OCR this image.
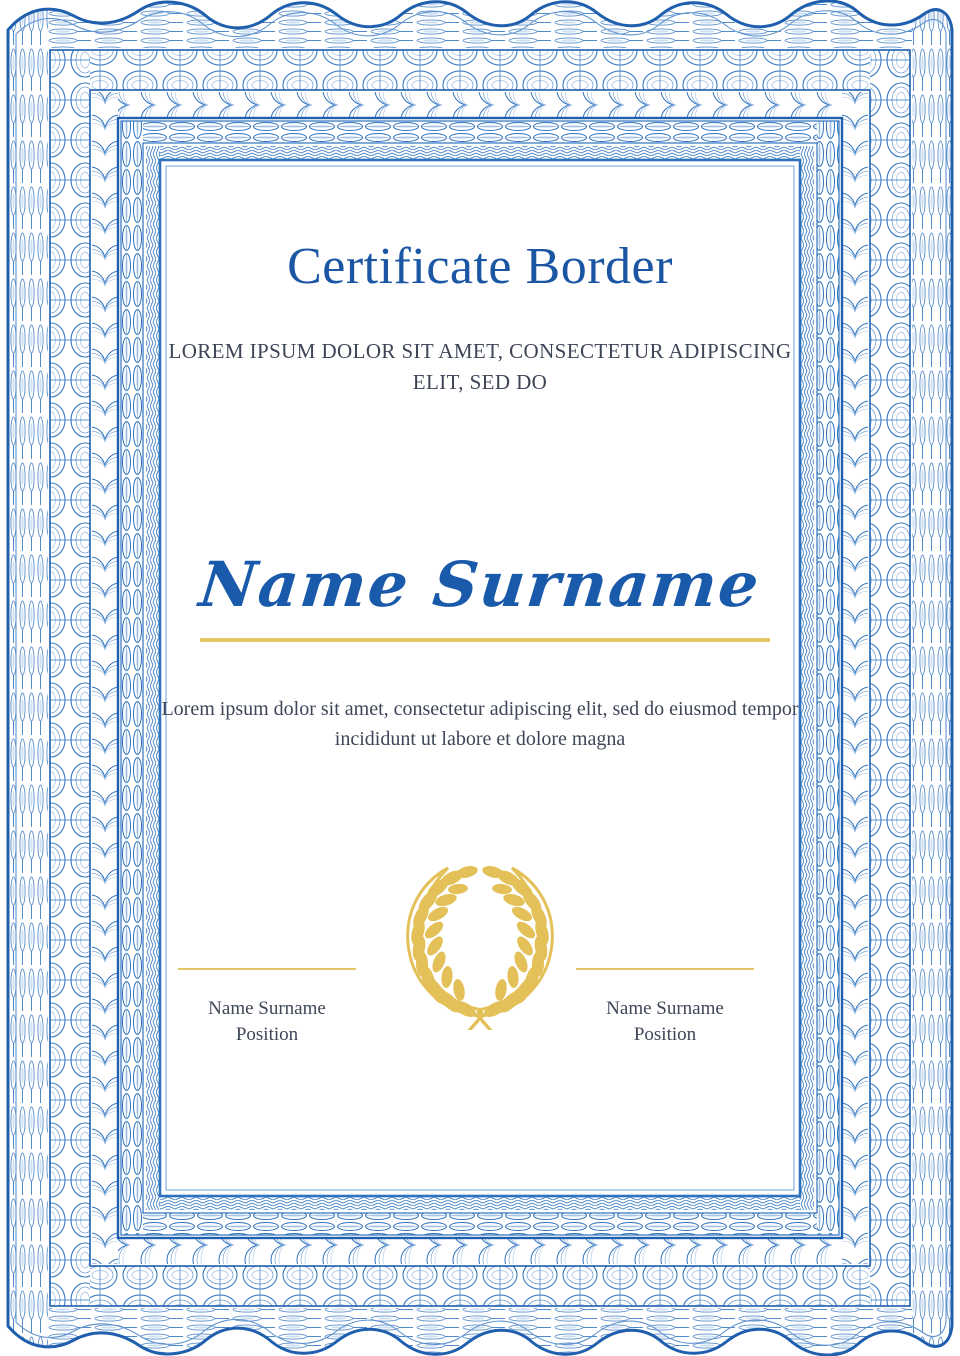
Certificate Border
LOREM IPSUM DOLOR SIT AMET, CONSECTETUR ADIPISCING ELIT, SED DO
Name Surname
Lorem ipsum dolor sit amet, consectetur adipiscing elit, sed do eiusmod tempor incididunt ut labore et dolore magna
Name Surname
Position
Name Surname
Position
